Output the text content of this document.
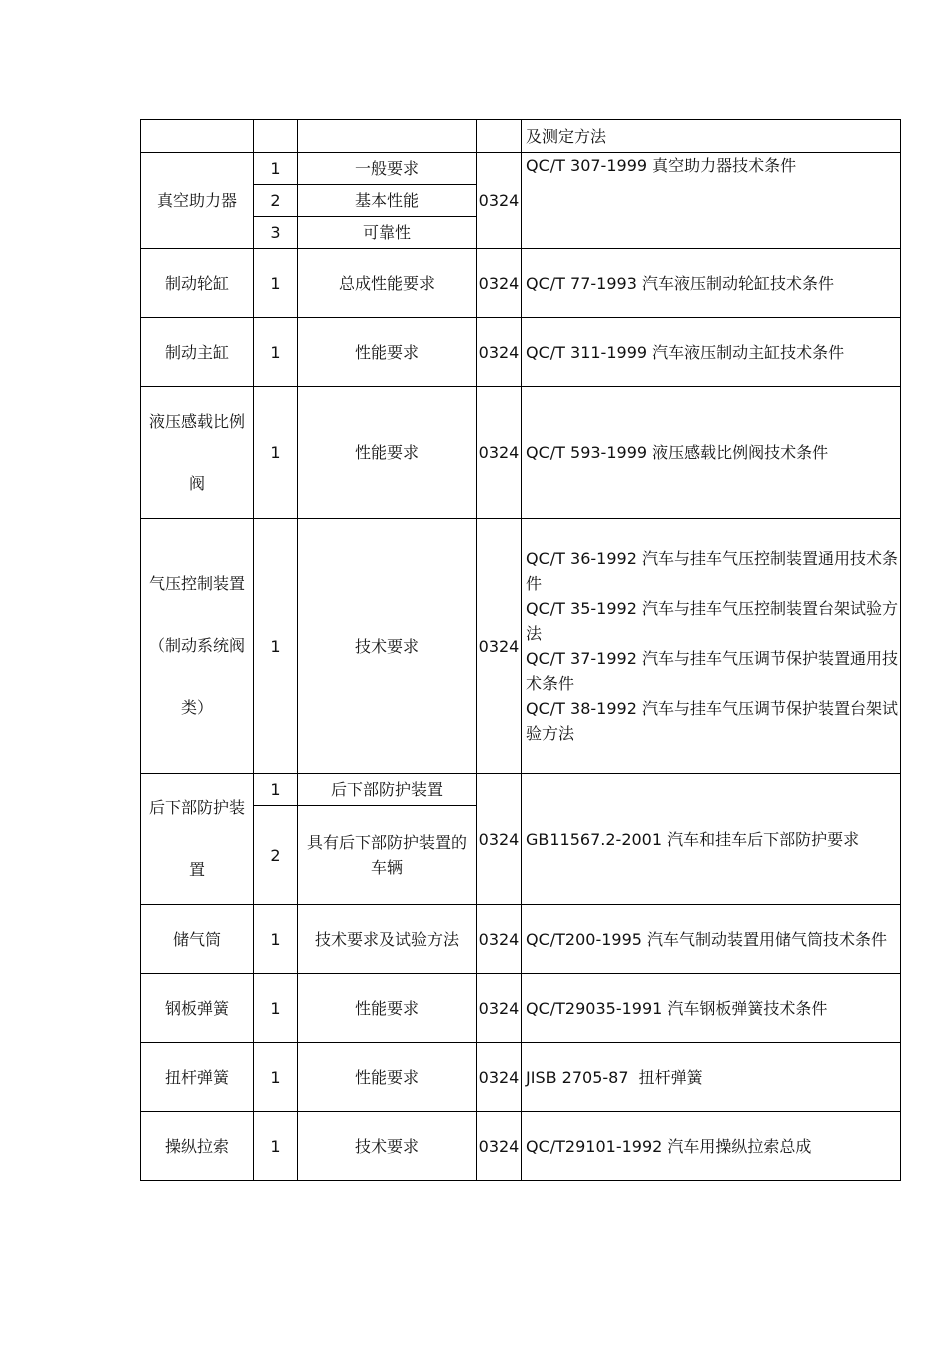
				及测定方法
真空助力器	1	一般要求	0324	QC/T 307-1999 真空助力器技术条件
	2	基本性能		
	3	可靠性		
制动轮缸	1	总成性能要求	0324	QC/T 77-1993 汽车液压制动轮缸技术条件
制动主缸	1	性能要求	0324	QC/T 311-1999 汽车液压制动主缸技术条件
液压感载比例阀	1	性能要求	0324	QC/T 593-1999 液压感载比例阀技术条件
气压控制装置（制动系统阀类）	1	技术要求	0324	QC/T 36-1992 汽车与挂车气压控制装置通用技术条件
QC/T 35-1992 汽车与挂车气压控制装置台架试验方法
QC/T 37-1992 汽车与挂车气压调节保护装置通用技术条件
QC/T 38-1992 汽车与挂车气压调节保护装置台架试验方法
后下部防护装置	1	后下部防护装置	0324	GB11567.2-2001 汽车和挂车后下部防护要求
	2	具有后下部防护装置的车辆		
储气筒	1	技术要求及试验方法	0324	QC/T200-1995 汽车气制动装置用储气筒技术条件
钢板弹簧	1	性能要求	0324	QC/T29035-1991 汽车钢板弹簧技术条件
扭杆弹簧	1	性能要求	0324	JISB 2705-87  扭杆弹簧
操纵拉索	1	技术要求	0324	QC/T29101-1992 汽车用操纵拉索总成
